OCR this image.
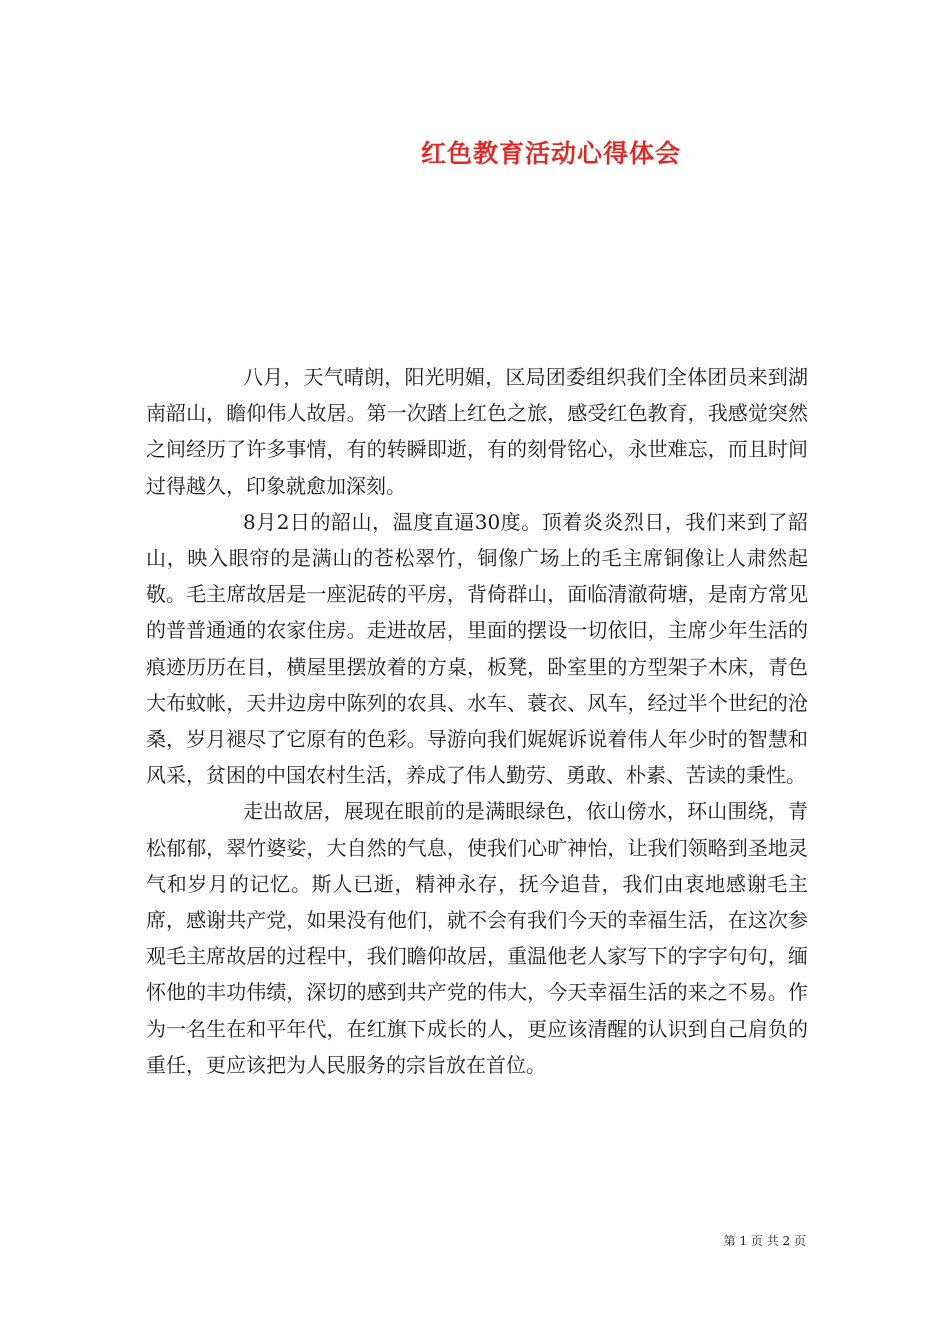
红色教育活动心得体会

八月，天气晴朗，阳光明媚，区局团委组织我们全体团员来到湖南韶山，瞻仰伟人故居。第一次踏上红色之旅，感受红色教育，我感觉突然之间经历了许多事情，有的转瞬即逝，有的刻骨铭心，永世难忘，而且时间过得越久，印象就愈加深刻。

8月2日的韶山，温度直逼30度。顶着炎炎烈日，我们来到了韶山，映入眼帘的是满山的苍松翠竹，铜像广场上的毛主席铜像让人肃然起敬。毛主席故居是一座泥砖的平房，背倚群山，面临清澈荷塘，是南方常见的普普通通的农家住房。走进故居，里面的摆设一切依旧，主席少年生活的痕迹历历在目，横屋里摆放着的方桌，板凳，卧室里的方型架子木床，青色大布蚊帐，天井边房中陈列的农具、水车、蓑衣、风车，经过半个世纪的沧桑，岁月褪尽了它原有的色彩。导游向我们娓娓诉说着伟人年少时的智慧和风采，贫困的中国农村生活，养成了伟人勤劳、勇敢、朴素、苦读的秉性。

走出故居，展现在眼前的是满眼绿色，依山傍水，环山围绕，青松郁郁，翠竹婆娑，大自然的气息，使我们心旷神怡，让我们领略到圣地灵气和岁月的记忆。斯人已逝，精神永存，抚今追昔，我们由衷地感谢毛主席，感谢共产党，如果没有他们，就不会有我们今天的幸福生活，在这次参观毛主席故居的过程中，我们瞻仰故居，重温他老人家写下的字字句句，缅怀他的丰功伟绩，深切的感到共产党的伟大，今天幸福生活的来之不易。作为一名生在和平年代，在红旗下成长的人，更应该清醒的认识到自己肩负的重任，更应该把为人民服务的宗旨放在首位。

第 1 页 共 2 页
